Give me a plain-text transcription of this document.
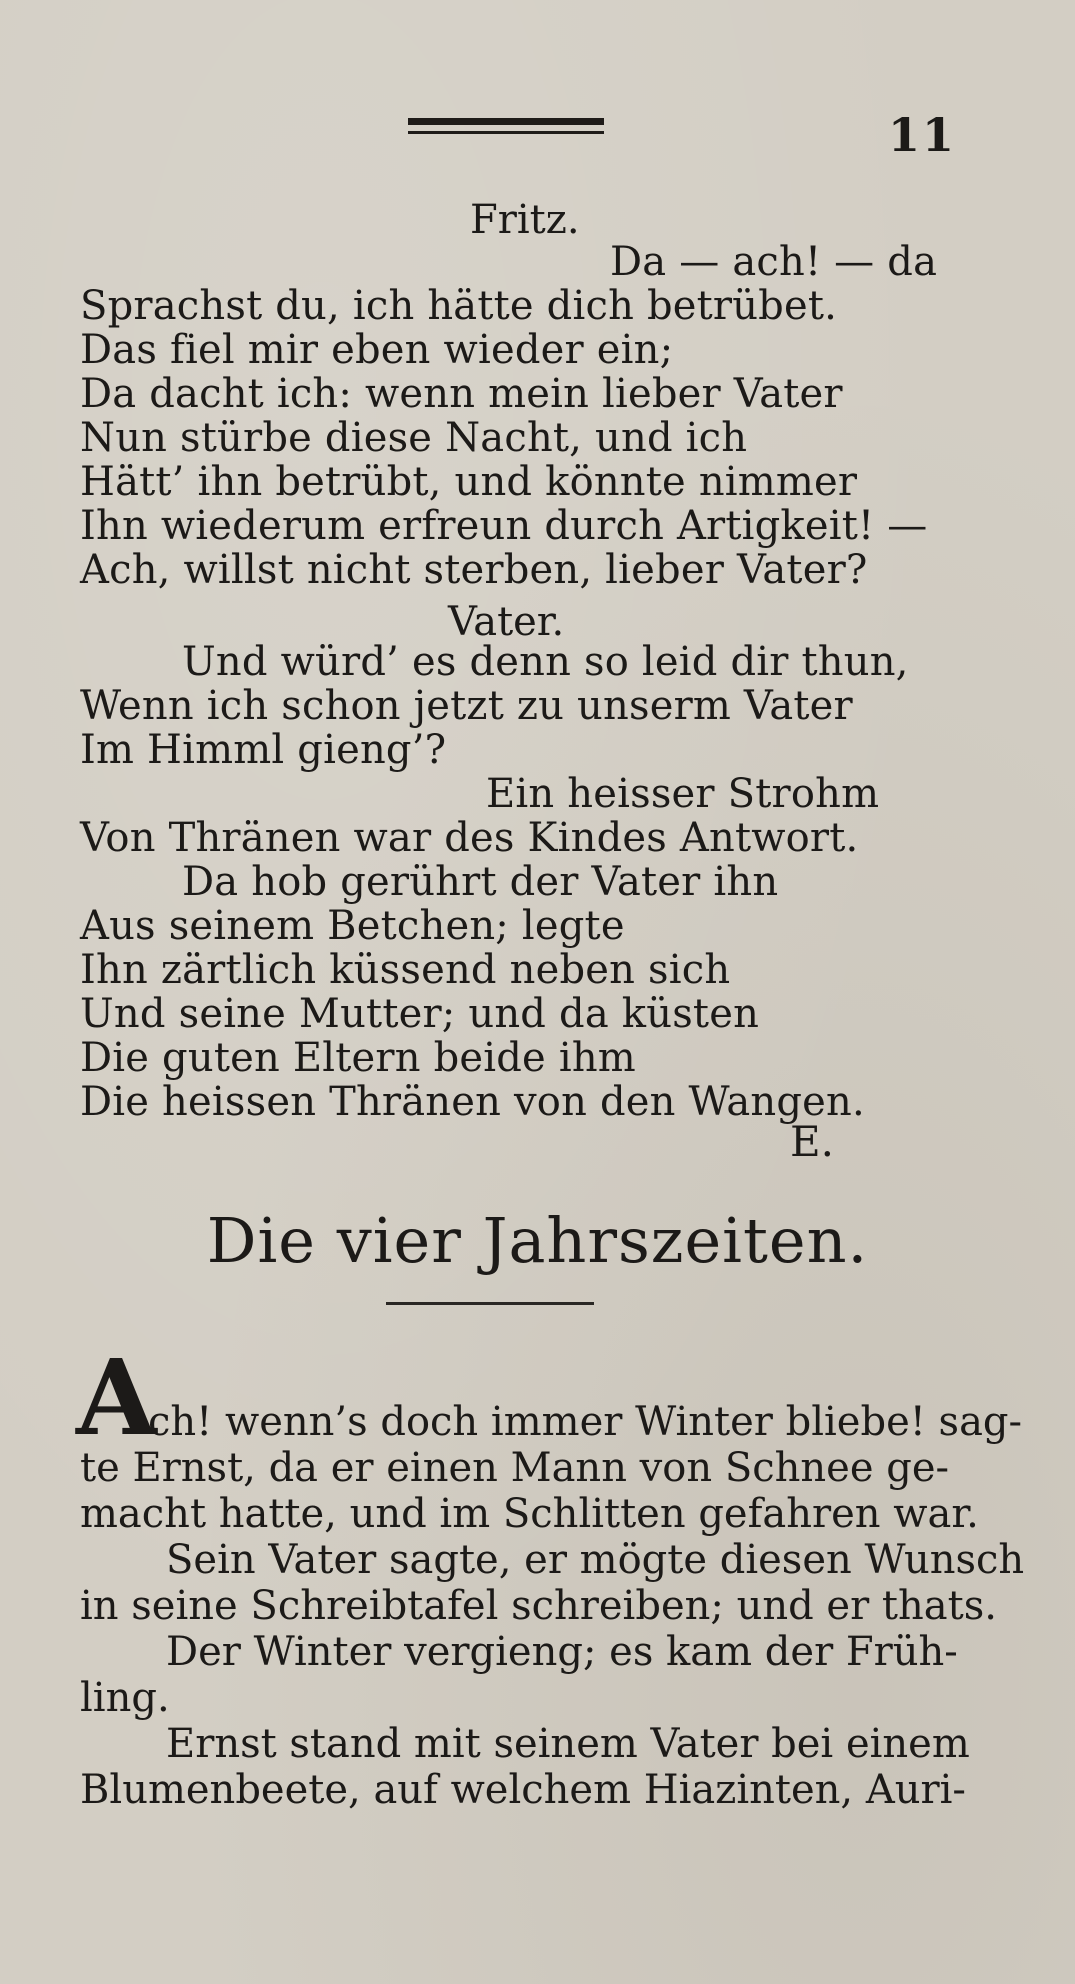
11
Fritz.
Da — ach! — da
Sprachst du, ich hätte dich betrübet.
Das fiel mir eben wieder ein;
Da dacht ich: wenn mein lieber Vater
Nun stürbe diese Nacht, und ich
Hätt’ ihn betrübt, und könnte nimmer
Ihn wiederum erfreun durch Artigkeit! —
Ach, willst nicht sterben, lieber Vater?
Vater.
Und würd’ es denn so leid dir thun,
Wenn ich schon jetzt zu unserm Vater
Im Himml gieng’?
Ein heisser Strohm
Von Thränen war des Kindes Antwort.
Da hob gerührt der Vater ihn
Aus seinem Betchen; legte
Ihn zärtlich küssend neben sich
Und seine Mutter; und da küsten
Die guten Eltern beide ihm
Die heissen Thränen von den Wangen.
E.
Die vier Jahrszeiten.
A
ch! wenn’s doch immer Winter bliebe! sag-
te Ernst, da er einen Mann von Schnee ge-
macht hatte, und im Schlitten gefahren war.
Sein Vater sagte, er mögte diesen Wunsch
in seine Schreibtafel schreiben; und er thats.
Der Winter vergieng; es kam der Früh-
ling.
Ernst stand mit seinem Vater bei einem
Blumenbeete, auf welchem Hiazinten, Auri-
